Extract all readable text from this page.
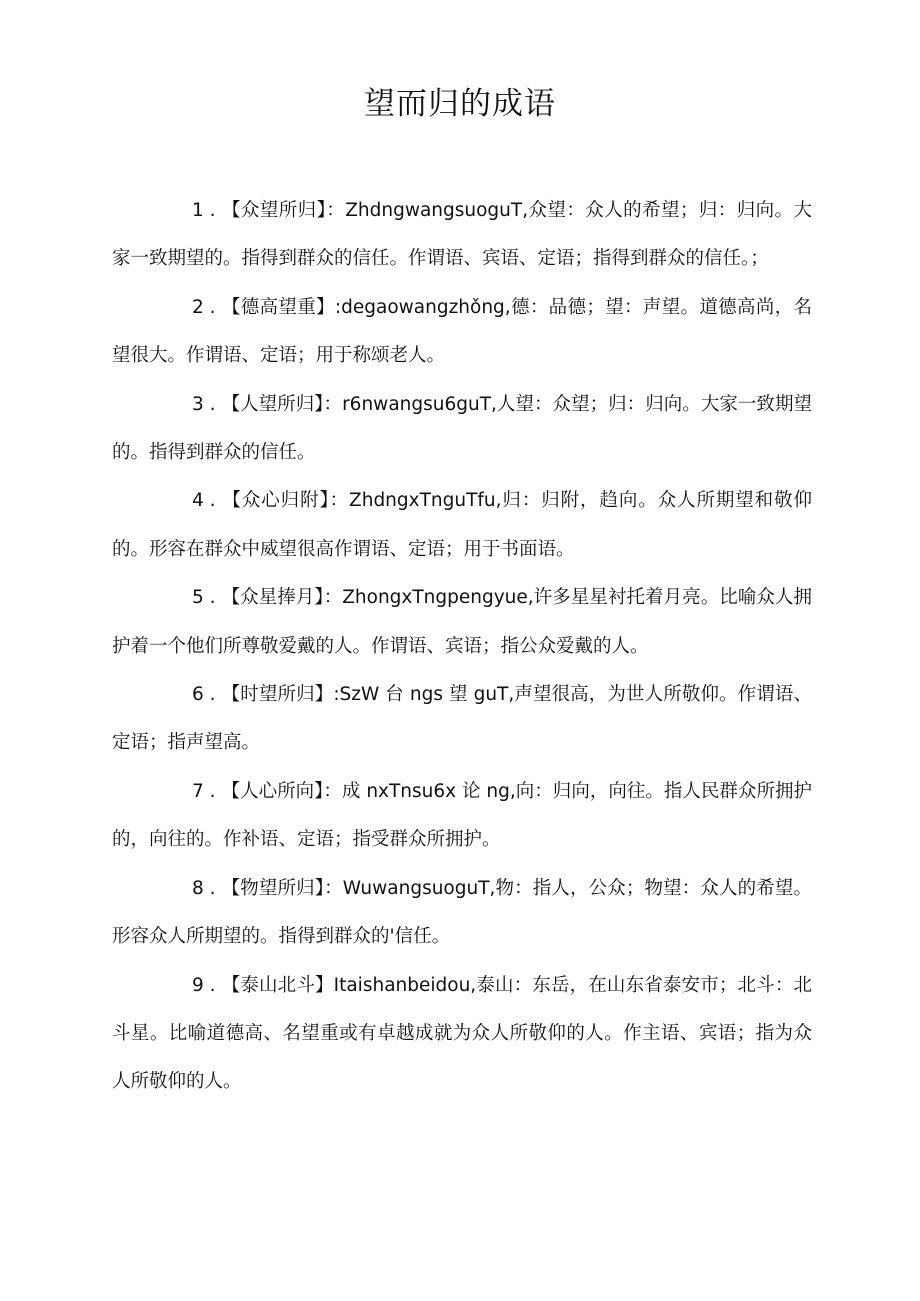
望而归的成语

1 . 【众望所归】：ZhdngwangsuoguT,众望：众人的希望；归：归向。大家一致期望的。指得到群众的信任。作谓语、宾语、定语；指得到群众的信任。；

2 . 【德高望重】:degaowangzhǒng,德：品德；望：声望。道德高尚，名望很大。作谓语、定语；用于称颂老人。

3 . 【人望所归】：r6nwangsu6guT,人望：众望；归：归向。大家一致期望的。指得到群众的信任。

4 . 【众心归附】：ZhdngxTnguTfu,归：归附，趋向。众人所期望和敬仰的。形容在群众中威望很高作谓语、定语；用于书面语。

5 . 【众星捧月】：ZhongxTngpengyue,许多星星衬托着月亮。比喻众人拥护着一个他们所尊敬爱戴的人。作谓语、宾语；指公众爱戴的人。

6 . 【时望所归】:SzW 台 ngs 望 guT,声望很高，为世人所敬仰。作谓语、定语；指声望高。

7 . 【人心所向】：成 nxTnsu6x 论 ng,向：归向，向往。指人民群众所拥护的，向往的。作补语、定语；指受群众所拥护。

8 . 【物望所归】：WuwangsuoguT,物：指人，公众；物望：众人的希望。形容众人所期望的。指得到群众的'信任。

9 . 【泰山北斗】Itaishanbeidou,泰山：东岳，在山东省泰安市；北斗：北斗星。比喻道德高、名望重或有卓越成就为众人所敬仰的人。作主语、宾语；指为众人所敬仰的人。
